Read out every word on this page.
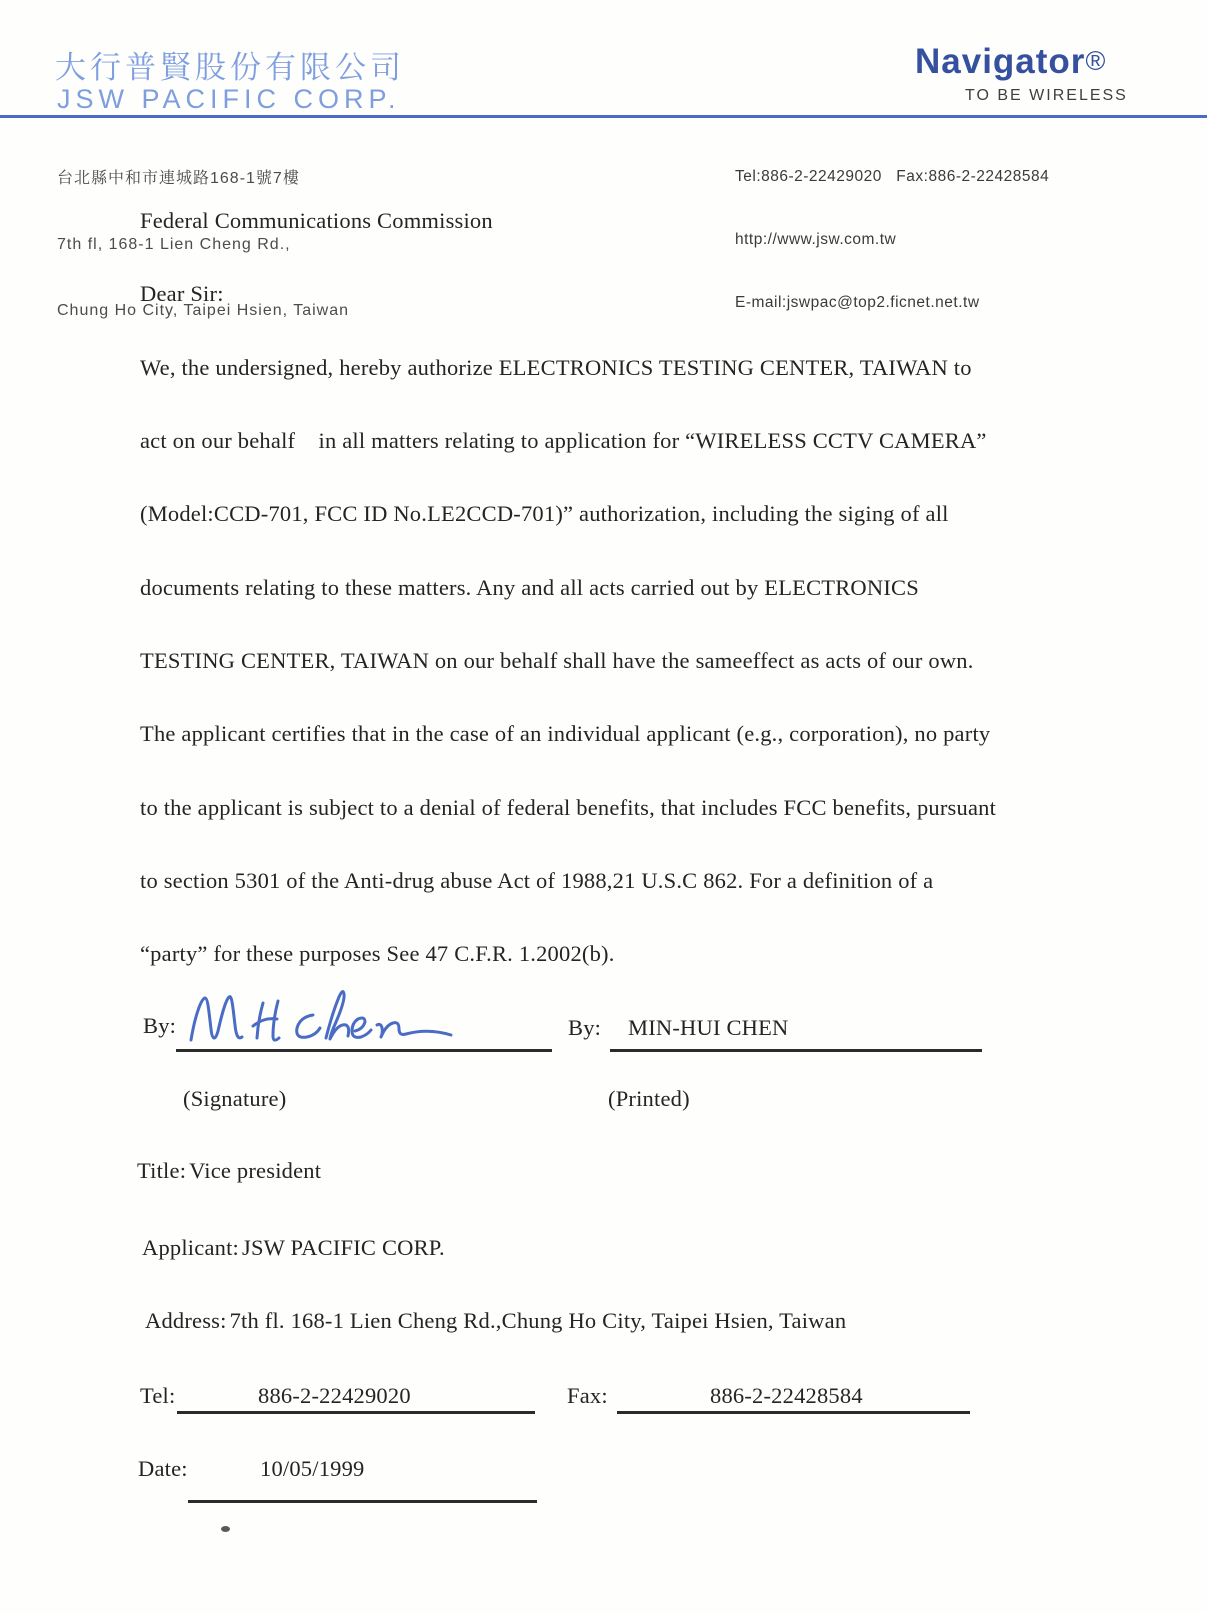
大行普賢股份有限公司
JSW PACIFIC CORP.
Navigator®
TO BE WIRELESS

台北縣中和市連城路168-1號7樓

7th fl, 168-1 Lien Cheng Rd.,

Chung Ho City, Taipei Hsien, Taiwan

Tel:886-2-22429020   Fax:886-2-22428584

http://www.jsw.com.tw

E-mail:jswpac@top2.ficnet.net.tw

Federal Communications Commission
Dear Sir:
We, the undersigned, hereby authorize ELECTRONICS TESTING CENTER, TAIWAN to
act on our behalf    in all matters relating to application for “WIRELESS CCTV CAMERA”
(Model:CCD-701, FCC ID No.LE2CCD-701)” authorization, including the siging of all
documents relating to these matters. Any and all acts carried out by ELECTRONICS
TESTING CENTER, TAIWAN on our behalf shall have the sameeffect as acts of our own.
The applicant certifies that in the case of an individual applicant (e.g., corporation), no party
to the applicant is subject to a denial of federal benefits, that includes FCC benefits, pursuant
to section 5301 of the Anti-drug abuse Act of 1988,21 U.S.C 862. For a definition of a
“party” for these purposes See 47 C.F.R. 1.2002(b).
By:	By: MIN-HUI CHEN
(Signature)	(Printed)
Title: Vice president
Applicant: JSW PACIFIC CORP.
Address: 7th fl. 168-1 Lien Cheng Rd.,Chung Ho City, Taipei Hsien, Taiwan
Tel:	886-2-22429020	Fax:	886-2-22428584
Date:	10/05/1999
